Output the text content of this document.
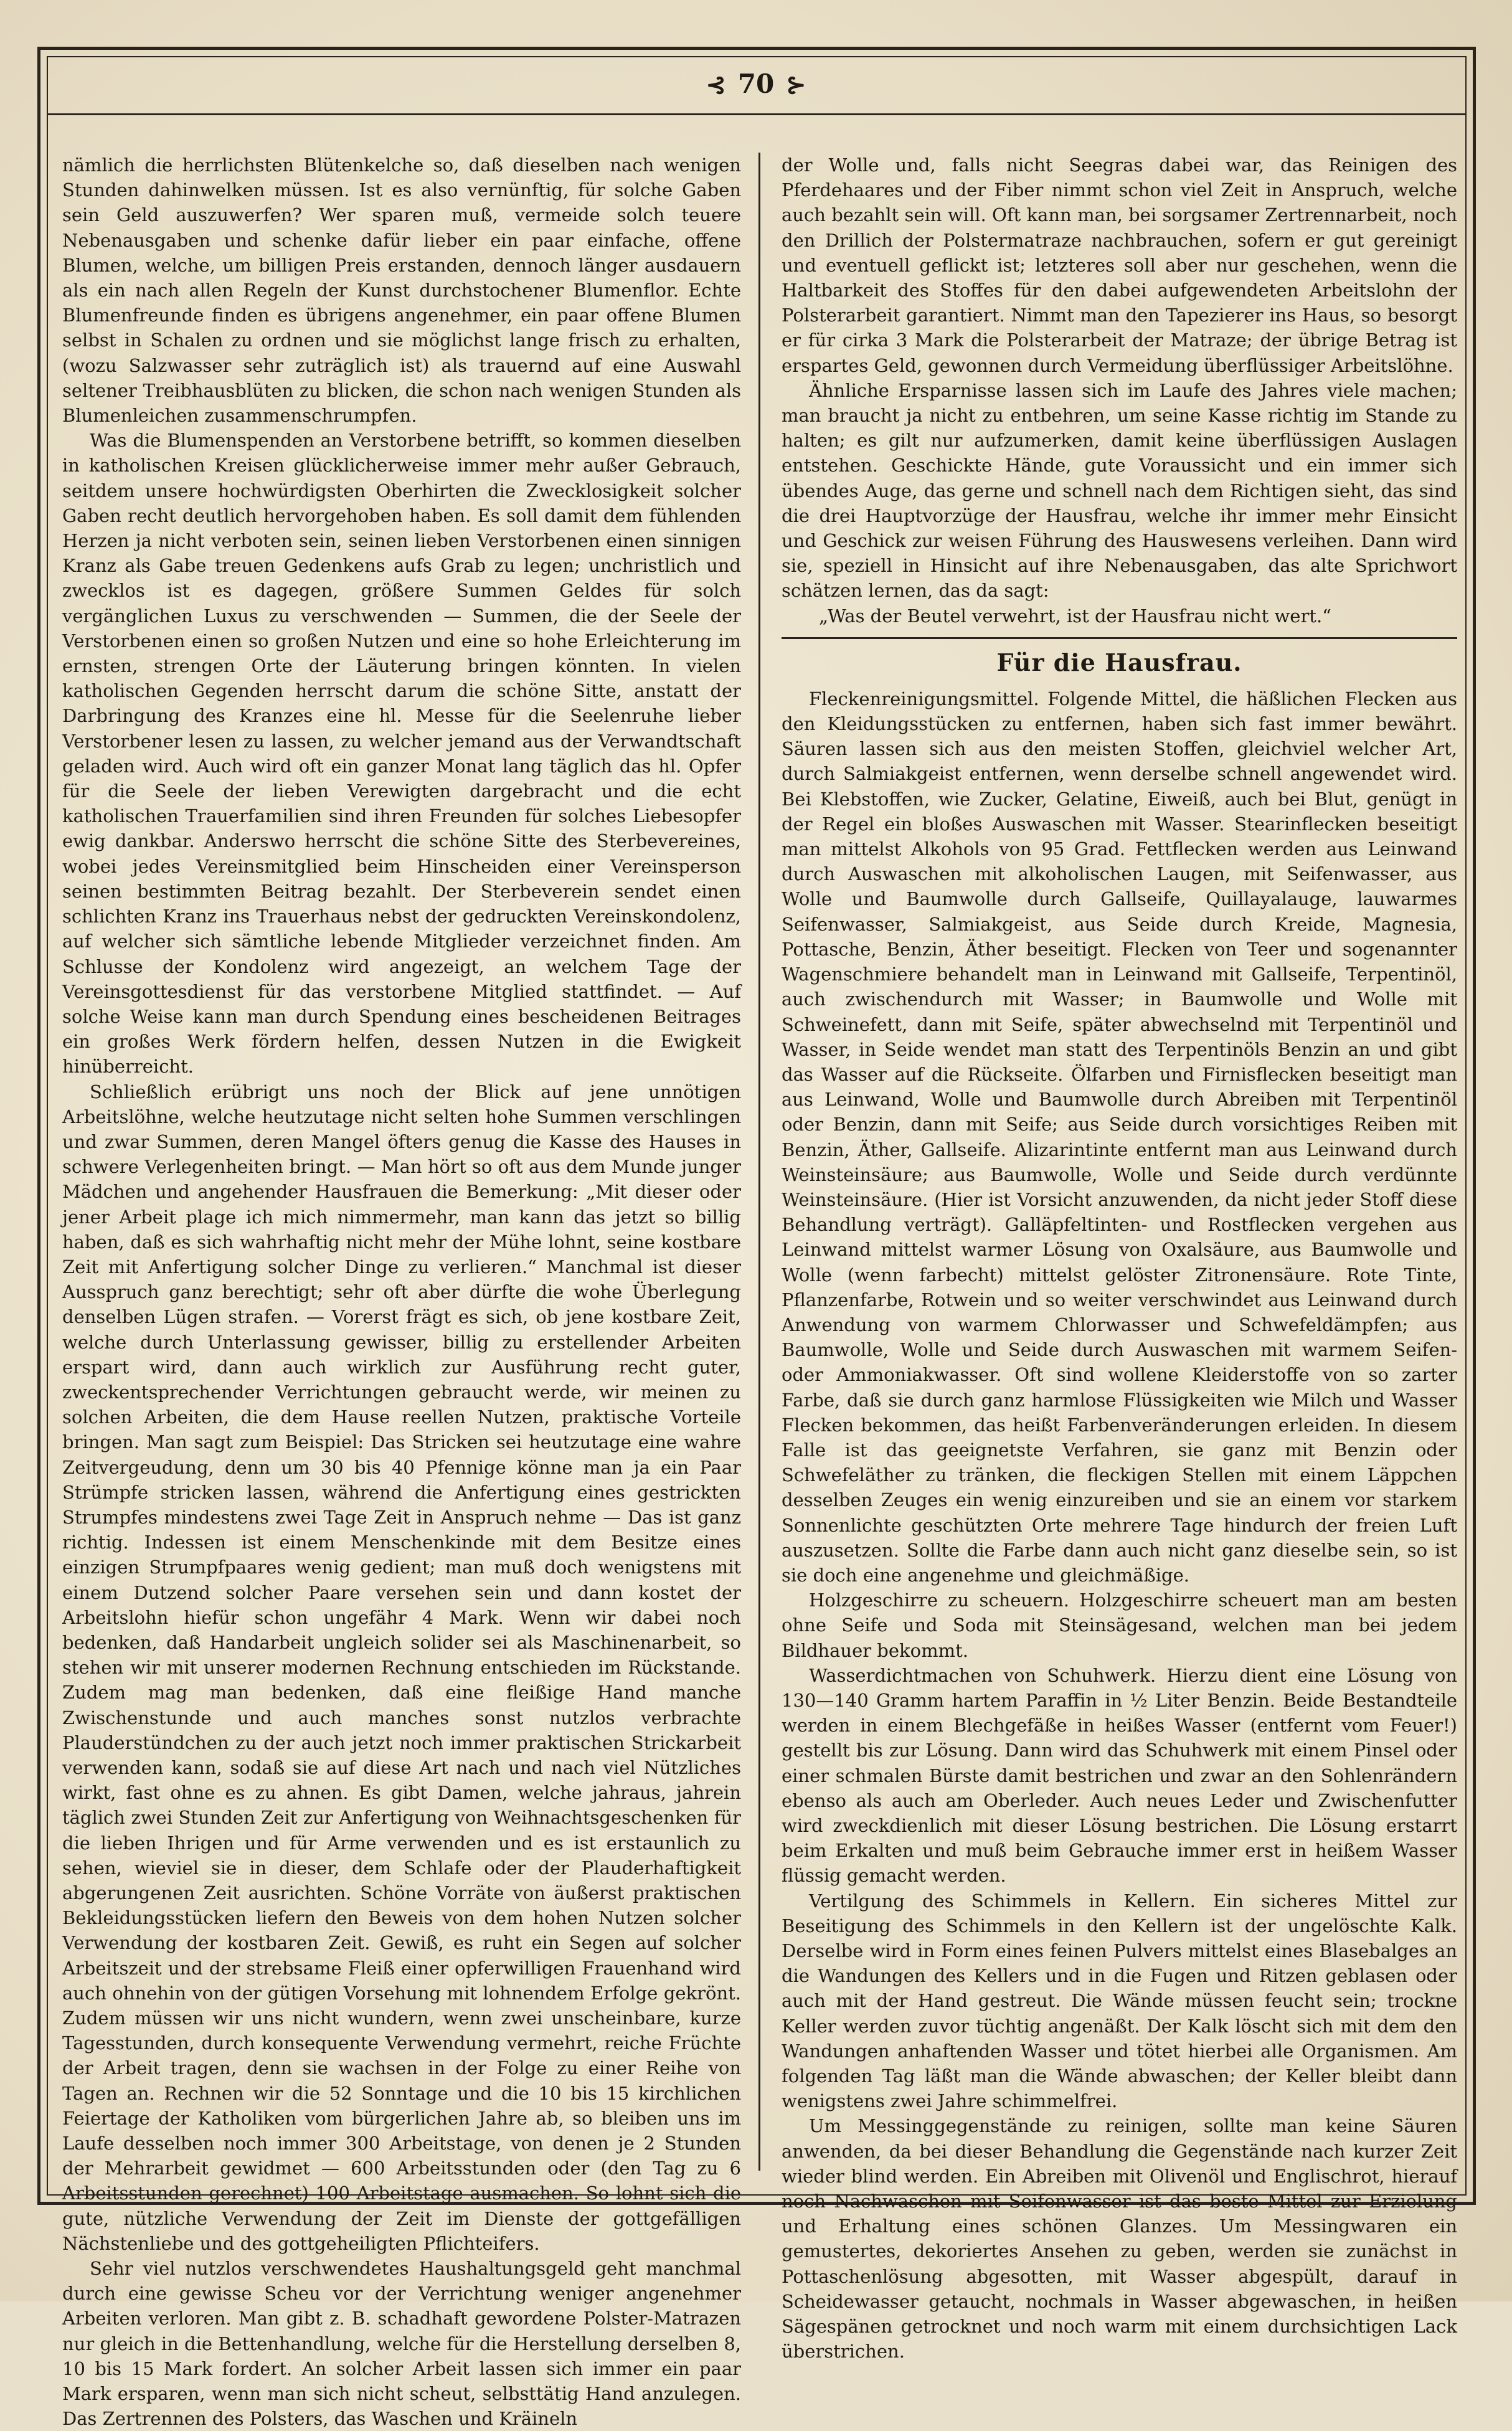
⊰ 70 ⊱

nämlich die herrlichsten Blütenkelche so, daß dieselben nach wenigen Stunden dahinwelken müssen. Ist es also vernünftig, für solche Gaben sein Geld auszuwerfen? Wer sparen muß, vermeide solch teuere Nebenausgaben und schenke dafür lieber ein paar einfache, offene Blumen, welche, um billigen Preis erstanden, dennoch länger ausdauern als ein nach allen Regeln der Kunst durchstochener Blumenflor. Echte Blumenfreunde finden es übrigens angenehmer, ein paar offene Blumen selbst in Schalen zu ordnen und sie möglichst lange frisch zu erhalten, (wozu Salzwasser sehr zuträglich ist) als trauernd auf eine Auswahl seltener Treibhausblüten zu blicken, die schon nach wenigen Stunden als Blumenleichen zusammenschrumpfen.

Was die Blumenspenden an Verstorbene betrifft, so kommen dieselben in katholischen Kreisen glücklicherweise immer mehr außer Gebrauch, seitdem unsere hochwürdigsten Oberhirten die Zwecklosigkeit solcher Gaben recht deutlich hervorgehoben haben. Es soll damit dem fühlenden Herzen ja nicht verboten sein, seinen lieben Verstorbenen einen sinnigen Kranz als Gabe treuen Gedenkens aufs Grab zu legen; unchristlich und zwecklos ist es dagegen, größere Summen Geldes für solch vergänglichen Luxus zu verschwenden — Summen, die der Seele der Verstorbenen einen so großen Nutzen und eine so hohe Erleichterung im ernsten, strengen Orte der Läuterung bringen könnten. In vielen katholischen Gegenden herrscht darum die schöne Sitte, anstatt der Darbringung des Kranzes eine hl. Messe für die Seelenruhe lieber Verstorbener lesen zu lassen, zu welcher jemand aus der Verwandtschaft geladen wird. Auch wird oft ein ganzer Monat lang täglich das hl. Opfer für die Seele der lieben Verewigten dargebracht und die echt katholischen Trauerfamilien sind ihren Freunden für solches Liebesopfer ewig dankbar. Anderswo herrscht die schöne Sitte des Sterbevereines, wobei jedes Vereinsmitglied beim Hinscheiden einer Vereinsperson seinen bestimmten Beitrag bezahlt. Der Sterbeverein sendet einen schlichten Kranz ins Trauerhaus nebst der gedruckten Vereinskondolenz, auf welcher sich sämtliche lebende Mitglieder verzeichnet finden. Am Schlusse der Kondolenz wird angezeigt, an welchem Tage der Vereinsgottesdienst für das verstorbene Mitglied stattfindet. — Auf solche Weise kann man durch Spendung eines bescheidenen Beitrages ein großes Werk fördern helfen, dessen Nutzen in die Ewigkeit hinüberreicht.

Schließlich erübrigt uns noch der Blick auf jene unnötigen Arbeitslöhne, welche heutzutage nicht selten hohe Summen verschlingen und zwar Summen, deren Mangel öfters genug die Kasse des Hauses in schwere Verlegenheiten bringt. — Man hört so oft aus dem Munde junger Mädchen und angehender Hausfrauen die Bemerkung: „Mit dieser oder jener Arbeit plage ich mich nimmermehr, man kann das jetzt so billig haben, daß es sich wahrhaftig nicht mehr der Mühe lohnt, seine kostbare Zeit mit Anfertigung solcher Dinge zu verlieren.“ Manchmal ist dieser Ausspruch ganz berechtigt; sehr oft aber dürfte die wohe Überlegung denselben Lügen strafen. — Vorerst frägt es sich, ob jene kostbare Zeit, welche durch Unterlassung gewisser, billig zu erstellender Arbeiten erspart wird, dann auch wirklich zur Ausführung recht guter, zweckentsprechender Verrichtungen gebraucht werde, wir meinen zu solchen Arbeiten, die dem Hause reellen Nutzen, praktische Vorteile bringen. Man sagt zum Beispiel: Das Stricken sei heutzutage eine wahre Zeitvergeudung, denn um 30 bis 40 Pfennige könne man ja ein Paar Strümpfe stricken lassen, während die Anfertigung eines gestrickten Strumpfes mindestens zwei Tage Zeit in Anspruch nehme — Das ist ganz richtig. Indessen ist einem Menschenkinde mit dem Besitze eines einzigen Strumpfpaares wenig gedient; man muß doch wenigstens mit einem Dutzend solcher Paare versehen sein und dann kostet der Arbeitslohn hiefür schon ungefähr 4 Mark. Wenn wir dabei noch bedenken, daß Handarbeit ungleich solider sei als Maschinenarbeit, so stehen wir mit unserer modernen Rechnung entschieden im Rückstande. Zudem mag man bedenken, daß eine fleißige Hand manche Zwischenstunde und auch manches sonst nutzlos verbrachte Plauderstündchen zu der auch jetzt noch immer praktischen Strickarbeit verwenden kann, sodaß sie auf diese Art nach und nach viel Nützliches wirkt, fast ohne es zu ahnen. Es gibt Damen, welche jahraus, jahrein täglich zwei Stunden Zeit zur Anfertigung von Weihnachtsgeschenken für die lieben Ihrigen und für Arme verwenden und es ist erstaunlich zu sehen, wieviel sie in dieser, dem Schlafe oder der Plauderhaftigkeit abgerungenen Zeit ausrichten. Schöne Vorräte von äußerst praktischen Bekleidungsstücken liefern den Beweis von dem hohen Nutzen solcher Verwendung der kostbaren Zeit. Gewiß, es ruht ein Segen auf solcher Arbeitszeit und der strebsame Fleiß einer opferwilligen Frauenhand wird auch ohnehin von der gütigen Vorsehung mit lohnendem Erfolge gekrönt. Zudem müssen wir uns nicht wundern, wenn zwei unscheinbare, kurze Tagesstunden, durch konsequente Verwendung vermehrt, reiche Früchte der Arbeit tragen, denn sie wachsen in der Folge zu einer Reihe von Tagen an. Rechnen wir die 52 Sonntage und die 10 bis 15 kirchlichen Feiertage der Katholiken vom bürgerlichen Jahre ab, so bleiben uns im Laufe desselben noch immer 300 Arbeitstage, von denen je 2 Stunden der Mehrarbeit gewidmet — 600 Arbeitsstunden oder (den Tag zu 6 Arbeitsstunden gerechnet) 100 Arbeitstage ausmachen. So lohnt sich die gute, nützliche Verwendung der Zeit im Dienste der gottgefälligen Nächstenliebe und des gottgeheiligten Pflichteifers.

Sehr viel nutzlos verschwendetes Haushaltungsgeld geht manchmal durch eine gewisse Scheu vor der Verrichtung weniger angenehmer Arbeiten verloren. Man gibt z. B. schadhaft gewordene Polster-Matrazen nur gleich in die Bettenhandlung, welche für die Herstellung derselben 8, 10 bis 15 Mark fordert. An solcher Arbeit lassen sich immer ein paar Mark ersparen, wenn man sich nicht scheut, selbsttätig Hand anzulegen. Das Zertrennen des Polsters, das Waschen und Kräineln

der Wolle und, falls nicht Seegras dabei war, das Reinigen des Pferdehaares und der Fiber nimmt schon viel Zeit in Anspruch, welche auch bezahlt sein will. Oft kann man, bei sorgsamer Zertrennarbeit, noch den Drillich der Polstermatraze nachbrauchen, sofern er gut gereinigt und eventuell geflickt ist; letzteres soll aber nur geschehen, wenn die Haltbarkeit des Stoffes für den dabei aufgewendeten Arbeitslohn der Polsterarbeit garantiert. Nimmt man den Tapezierer ins Haus, so besorgt er für cirka 3 Mark die Polsterarbeit der Matraze; der übrige Betrag ist erspartes Geld, gewonnen durch Vermeidung überflüssiger Arbeitslöhne.

Ähnliche Ersparnisse lassen sich im Laufe des Jahres viele machen; man braucht ja nicht zu entbehren, um seine Kasse richtig im Stande zu halten; es gilt nur aufzumerken, damit keine überflüssigen Auslagen entstehen. Geschickte Hände, gute Voraussicht und ein immer sich übendes Auge, das gerne und schnell nach dem Richtigen sieht, das sind die drei Hauptvorzüge der Hausfrau, welche ihr immer mehr Einsicht und Geschick zur weisen Führung des Hauswesens verleihen. Dann wird sie, speziell in Hinsicht auf ihre Nebenausgaben, das alte Sprichwort schätzen lernen, das da sagt:

„Was der Beutel verwehrt, ist der Hausfrau nicht wert.“

Für die Hausfrau.

Fleckenreinigungsmittel. Folgende Mittel, die häßlichen Flecken aus den Kleidungsstücken zu entfernen, haben sich fast immer bewährt. Säuren lassen sich aus den meisten Stoffen, gleichviel welcher Art, durch Salmiakgeist entfernen, wenn derselbe schnell angewendet wird. Bei Klebstoffen, wie Zucker, Gelatine, Eiweiß, auch bei Blut, genügt in der Regel ein bloßes Auswaschen mit Wasser. Stearinflecken beseitigt man mittelst Alkohols von 95 Grad. Fettflecken werden aus Leinwand durch Auswaschen mit alkoholischen Laugen, mit Seifenwasser, aus Wolle und Baumwolle durch Gallseife, Quillayalauge, lauwarmes Seifenwasser, Salmiakgeist, aus Seide durch Kreide, Magnesia, Pottasche, Benzin, Äther beseitigt. Flecken von Teer und sogenannter Wagenschmiere behandelt man in Leinwand mit Gallseife, Terpentinöl, auch zwischendurch mit Wasser; in Baumwolle und Wolle mit Schweinefett, dann mit Seife, später abwechselnd mit Terpentinöl und Wasser, in Seide wendet man statt des Terpentinöls Benzin an und gibt das Wasser auf die Rückseite. Ölfarben und Firnisflecken beseitigt man aus Leinwand, Wolle und Baumwolle durch Abreiben mit Terpentinöl oder Benzin, dann mit Seife; aus Seide durch vorsichtiges Reiben mit Benzin, Äther, Gallseife. Alizarintinte entfernt man aus Leinwand durch Weinsteinsäure; aus Baumwolle, Wolle und Seide durch verdünnte Weinsteinsäure. (Hier ist Vorsicht anzuwenden, da nicht jeder Stoff diese Behandlung verträgt). Galläpfeltinten- und Rostflecken vergehen aus Leinwand mittelst warmer Lösung von Oxalsäure, aus Baumwolle und Wolle (wenn farbecht) mittelst gelöster Zitronensäure. Rote Tinte, Pflanzenfarbe, Rotwein und so weiter verschwindet aus Leinwand durch Anwendung von warmem Chlorwasser und Schwefeldämpfen; aus Baumwolle, Wolle und Seide durch Auswaschen mit warmem Seifen- oder Ammoniakwasser. Oft sind wollene Kleiderstoffe von so zarter Farbe, daß sie durch ganz harmlose Flüssigkeiten wie Milch und Wasser Flecken bekommen, das heißt Farbenveränderungen erleiden. In diesem Falle ist das geeignetste Verfahren, sie ganz mit Benzin oder Schwefeläther zu tränken, die fleckigen Stellen mit einem Läppchen desselben Zeuges ein wenig einzureiben und sie an einem vor starkem Sonnenlichte geschützten Orte mehrere Tage hindurch der freien Luft auszusetzen. Sollte die Farbe dann auch nicht ganz dieselbe sein, so ist sie doch eine angenehme und gleichmäßige.

Holzgeschirre zu scheuern. Holzgeschirre scheuert man am besten ohne Seife und Soda mit Steinsägesand, welchen man bei jedem Bildhauer bekommt.

Wasserdichtmachen von Schuhwerk. Hierzu dient eine Lösung von 130—140 Gramm hartem Paraffin in ½ Liter Benzin. Beide Bestandteile werden in einem Blechgefäße in heißes Wasser (entfernt vom Feuer!) gestellt bis zur Lösung. Dann wird das Schuhwerk mit einem Pinsel oder einer schmalen Bürste damit bestrichen und zwar an den Sohlenrändern ebenso als auch am Oberleder. Auch neues Leder und Zwischenfutter wird zweckdienlich mit dieser Lösung bestrichen. Die Lösung erstarrt beim Erkalten und muß beim Gebrauche immer erst in heißem Wasser flüssig gemacht werden.

Vertilgung des Schimmels in Kellern. Ein sicheres Mittel zur Beseitigung des Schimmels in den Kellern ist der ungelöschte Kalk. Derselbe wird in Form eines feinen Pulvers mittelst eines Blasebalges an die Wandungen des Kellers und in die Fugen und Ritzen geblasen oder auch mit der Hand gestreut. Die Wände müssen feucht sein; trockne Keller werden zuvor tüchtig angenäßt. Der Kalk löscht sich mit dem den Wandungen anhaftenden Wasser und tötet hierbei alle Organismen. Am folgenden Tag läßt man die Wände abwaschen; der Keller bleibt dann wenigstens zwei Jahre schimmelfrei.

Um Messinggegenstände zu reinigen, sollte man keine Säuren anwenden, da bei dieser Behandlung die Gegenstände nach kurzer Zeit wieder blind werden. Ein Abreiben mit Olivenöl und Englischrot, hierauf noch Nachwaschen mit Seifenwasser ist das beste Mittel zur Erzielung und Erhaltung eines schönen Glanzes. Um Messingwaren ein gemustertes, dekoriertes Ansehen zu geben, werden sie zunächst in Pottaschenlösung abgesotten, mit Wasser abgespült, darauf in Scheidewasser getaucht, nochmals in Wasser abgewaschen, in heißen Sägespänen getrocknet und noch warm mit einem durchsichtigen Lack überstrichen.
